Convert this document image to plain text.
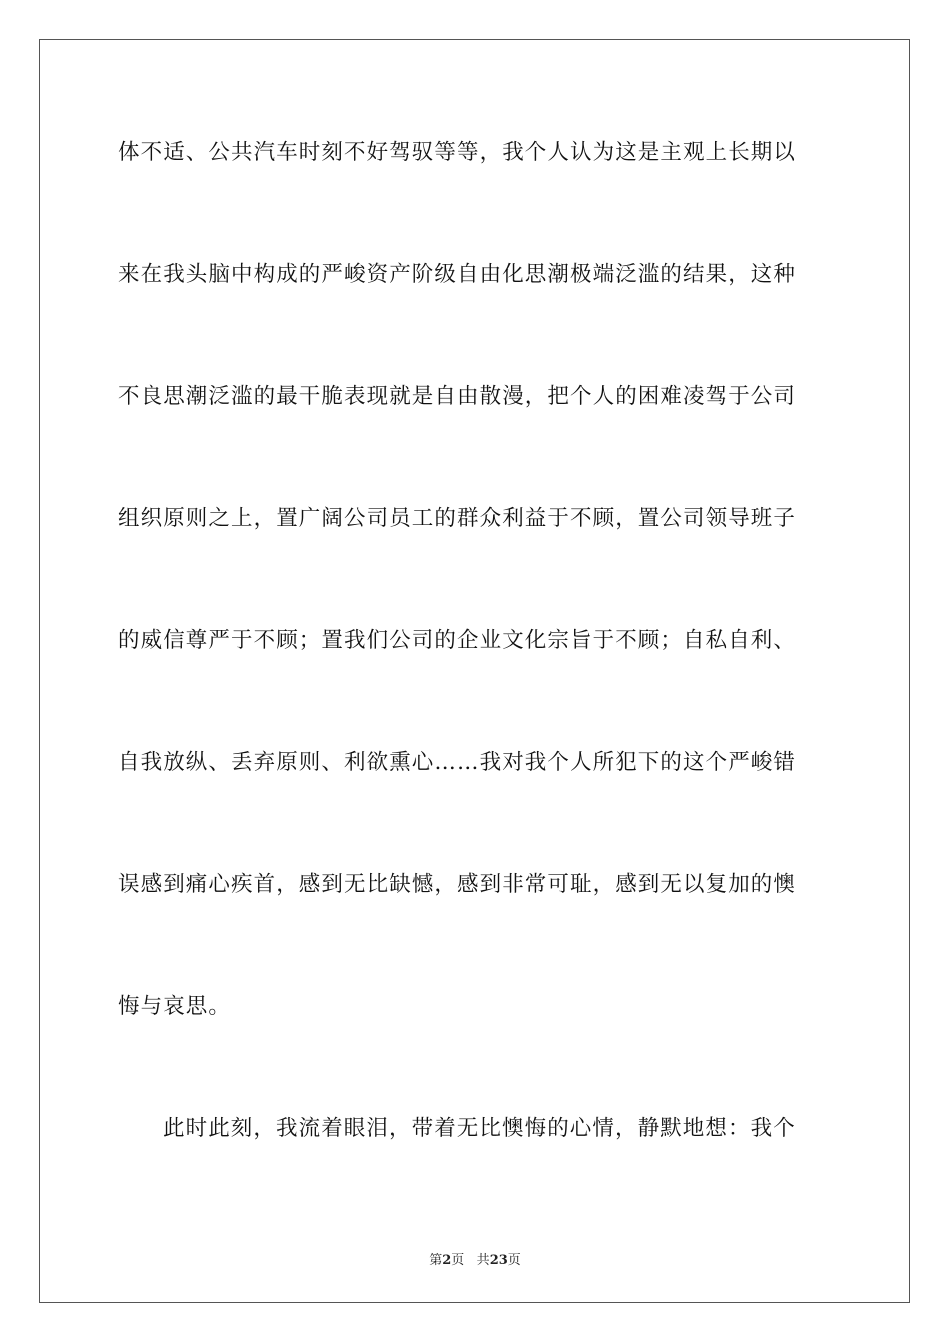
体不适、公共汽车时刻不好驾驭等等，我个人认为这是主观上长期以
来在我头脑中构成的严峻资产阶级自由化思潮极端泛滥的结果，这种
不良思潮泛滥的最干脆表现就是自由散漫，把个人的困难凌驾于公司
组织原则之上，置广阔公司员工的群众利益于不顾，置公司领导班子
的威信尊严于不顾；置我们公司的企业文化宗旨于不顾；自私自利、
自我放纵、丢弃原则、利欲熏心……我对我个人所犯下的这个严峻错
误感到痛心疾首，感到无比缺憾，感到非常可耻，感到无以复加的懊
悔与哀思。
此时此刻，我流着眼泪，带着无比懊悔的心情，静默地想：我个
第2页 共23页
